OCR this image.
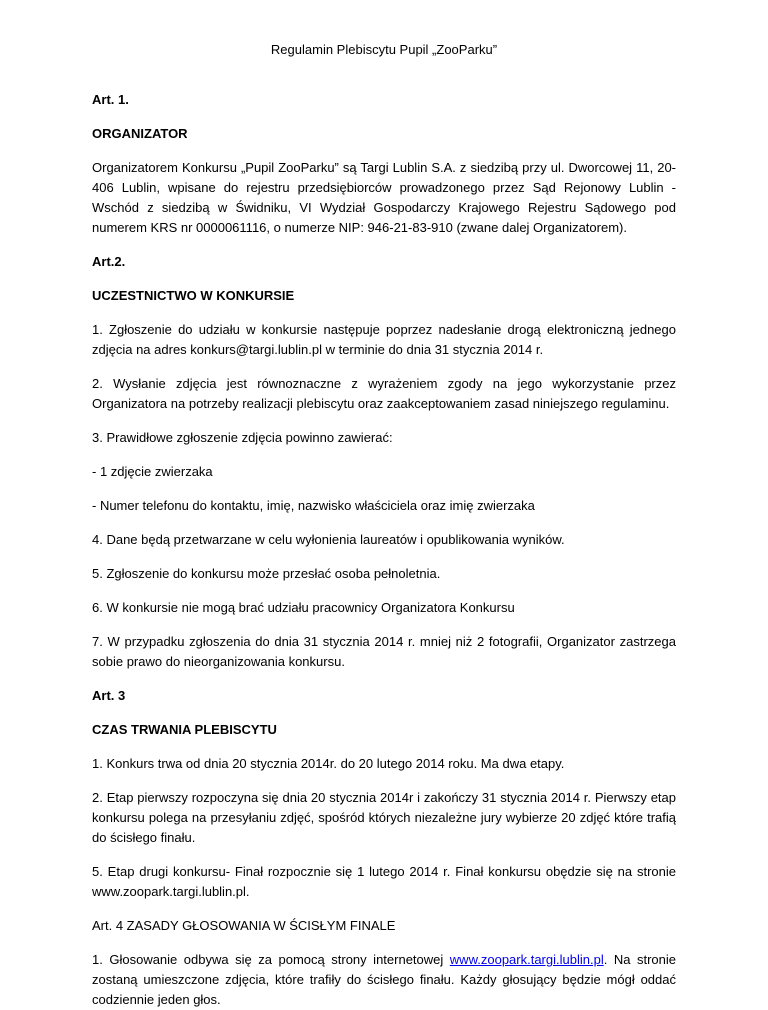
Regulamin Plebiscytu Pupil „ZooParku”

Art. 1.

ORGANIZATOR

Organizatorem Konkursu „Pupil ZooParku” są Targi Lublin S.A. z siedzibą przy ul. Dworcowej 11, 20-406 Lublin, wpisane do rejestru przedsiębiorców prowadzonego przez Sąd Rejonowy Lublin - Wschód z siedzibą w Świdniku, VI Wydział Gospodarczy Krajowego Rejestru Sądowego pod numerem KRS nr 0000061116, o numerze NIP: 946-21-83-910 (zwane dalej Organizatorem).

Art.2.

UCZESTNICTWO W KONKURSIE

1. Zgłoszenie do udziału w konkursie następuje poprzez nadesłanie drogą elektroniczną jednego zdjęcia na adres konkurs@targi.lublin.pl w terminie do dnia 31 stycznia 2014 r.

2. Wysłanie zdjęcia jest równoznaczne z wyrażeniem zgody na jego wykorzystanie przez Organizatora na potrzeby realizacji plebiscytu oraz zaakceptowaniem zasad niniejszego regulaminu.

3. Prawidłowe zgłoszenie zdjęcia powinno zawierać:

- 1 zdjęcie zwierzaka

- Numer telefonu do kontaktu, imię, nazwisko właściciela oraz imię zwierzaka

4. Dane będą przetwarzane w celu wyłonienia laureatów i opublikowania wyników.

5. Zgłoszenie do konkursu może przesłać osoba pełnoletnia.

6. W konkursie nie mogą brać udziału pracownicy Organizatora Konkursu

7. W przypadku zgłoszenia do dnia 31 stycznia 2014 r. mniej niż 2 fotografii, Organizator zastrzega sobie prawo do nieorganizowania konkursu.

Art. 3

CZAS TRWANIA PLEBISCYTU

1. Konkurs trwa od dnia 20 stycznia 2014r. do 20 lutego 2014 roku. Ma dwa etapy.

2. Etap pierwszy rozpoczyna się dnia 20 stycznia 2014r i zakończy 31 stycznia 2014 r. Pierwszy etap konkursu polega na przesyłaniu zdjęć, spośród których niezależne jury wybierze 20 zdjęć które trafią do ścisłego finału.

5. Etap drugi konkursu- Finał rozpocznie się 1 lutego 2014 r. Finał konkursu obędzie się na stronie www.zoopark.targi.lublin.pl.

Art. 4 ZASADY GŁOSOWANIA W ŚCISŁYM FINALE

1. Głosowanie odbywa się za pomocą strony internetowej www.zoopark.targi.lublin.pl. Na stronie zostaną umieszczone zdjęcia, które trafiły do ścisłego finału. Każdy głosujący będzie mógł oddać codziennie jeden głos.
